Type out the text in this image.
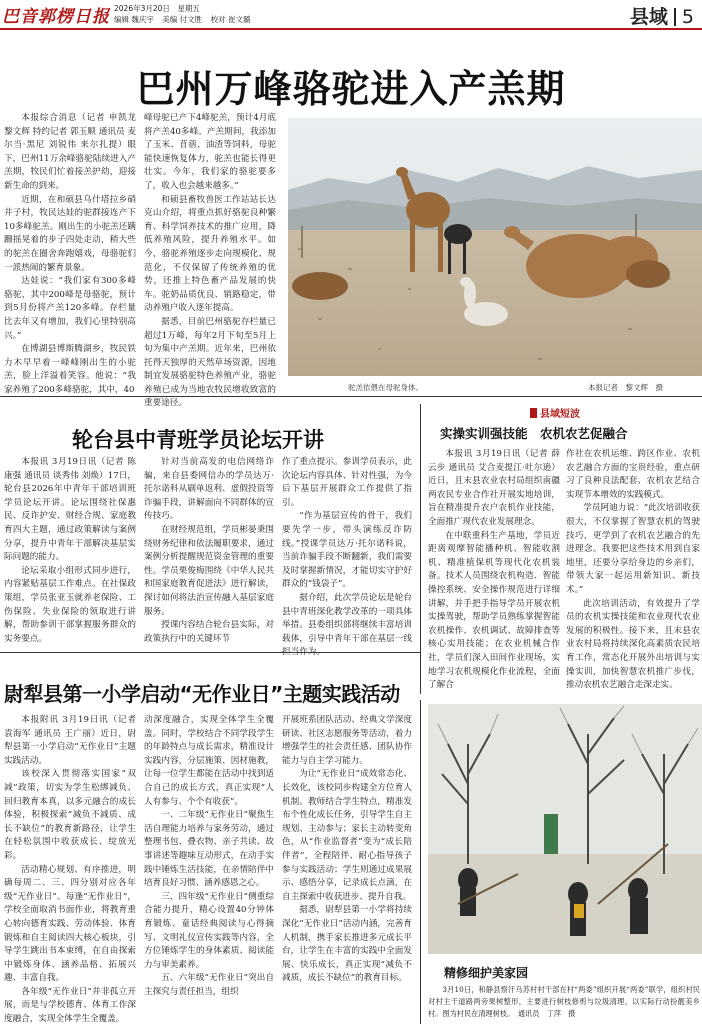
巴音郭楞日报 2026年3月20日　星期五
编辑 魏庆宇 美编 付文胜 校对 崔文璐	县域 5
巴州万峰骆驼进入产羔期

本报综合消息（记者 申凯龙 黎文辉 特约记者 郭玉顺 通讯员 麦尔当·黑尼 刘锐伟 来尔扎提）眼下，巴州11万余峰骆驼陆续进入产羔期，牧民们忙着接羔护幼，迎接新生命的到来。

近期，在和硕县乌什塔拉乡硝井子村，牧民达娃的驼群接连产下10多峰驼羔。刚出生的小驼羔还蹒跚摇晃着的步子四处走动，稍大些的驼羔在圈舍奔跑嬉戏，母骆驼们一派热闹的繁育景象。

达娃说：“我们家有300多峰骆驼，其中200峰是母骆驼，预计到5月份将产羔120多峰。存栏量比去年又有增加，我们心里特别高兴。”

在博湖县博斯腾湖乡，牧民铁力木早早着一峰峰刚出生的小驼羔，脸上洋溢着笑容。他说：“我家养殖了200多峰骆驼，其中，40

峰母驼已产下4峰驼羔，预计4月底将产羔40多峰。产羔期间，我添加了玉米、苜蓿、油渣等饲料，母驼能快速恢复体力，驼羔也能长得更壮实。今年，我们家的骆驼要多了，收入也会越来越多。”

和硕县畜牧兽医工作站站长达克山介绍，将重点抓好骆驼良种繁育、科学饲养技术的推广应用，降低养殖风险，提升养殖水平。如今，骆驼养殖逐步走向规模化、规范化，不仅保留了传统养殖的优势，还推上特色畜产品发展的快车。驼奶品质优良、销路稳定，带动养殖户收入逐年提高。

据悉，目前巴州骆驼存栏量已超过1万峰，每年2月下旬至5月上旬为集中产羔期。近年来，巴州依托得天独厚的天然草场资源，因地制宜发展骆驼特色养殖产业，骆驼养殖已成为当地农牧民增收致富的重要途径。

驼羔依偎在母驼身体。	本报记者　黎文辉　摄
轮台县中青班学员论坛开讲

本报讯 3月19日讯（记者 陈康强 通讯员 谈秀伟 刘焕）17日，轮台县2026年中青年干部培训班学员论坛开讲。论坛围绕社保惠民、反诈护安、财经合规、家庭教育四大主题，通过政策解读与案例分享，提升中青年干部解决基层实际问题的能力。

论坛采取小组形式同步进行，内容紧贴基层工作难点。在社保政策组，学员张亚玉就养老保险、工伤保险、失业保险的领取进行讲解，帮助参训干部掌握服务群众的实务要点。

针对当前高发的电信网络诈骗，来自县委网信办的学员达万·托尔诺科从刷单返利、虚假投资等诈骗手段，讲解面向不同群体的宣传技巧。

在财经规范组，学员彬晏秉围绕财务纪律和依法履职要求，通过案例分析提醒规范资金管理的重要性。学员栗俊梅围绕《中华人民共和国家庭教育促进法》进行解读，探讨如何将法治宣传融入基层家庭服务。

授课内容结合轮台县实际，对政策执行中的关键环节

作了重点提示。参训学员表示，此次论坛内容具体、针对性强，为今后下基层开展群众工作提供了指引。

“作为基层宣传的骨干，我们要先学一步，带头演练反诈防线。”授课学员达万·托尔诺科说，当前诈骗手段不断翻新，我们需要及时掌握新情况，才能切实守护好群众的“钱袋子”。

据介绍，此次学员论坛是轮台县中青班深化教学改革的一项具体举措。县委组织部将继续丰富培训载体，引导中青年干部在基层一线

县域短波
实操实训强技能　农机农艺促融合

本报讯 3月19日讯（记者 薛云步 通讯员 艾合麦提江·吐尔逊）近日，且末县农业农村局组织南疆两农民专业合作社开展实地培训，旨在精准提升农户农机作业技能，全面推广现代农业发展理念。

在中联重科生产基地，学员近距离观摩智能播种机、智能收割机、精准植保机等现代化农机装备。技术人员围绕农机构造、智能操控系统、安全操作规范进行详细讲解，并手把手指导学员开展农机实操驾驶，帮助学员熟练掌握智能农机操作、农机调试、故障排查等核心实用技能；在农业机械合作社，学员们深入田间作业现场，实地学习农机规模化作业流程，全面了解合

作社在农机运维、跨区作业、农机农艺融合方面的宝贵经验，重点研习了良种良法配套、农机农艺结合实现节本增效的实践模式。

学员阿迪力说：“此次培训收获很大，不仅掌握了智慧农机的驾驶技巧，更学到了农机农艺融合的先进理念。我要把这些技术用到自家地里，还要分享给身边的乡亲们，带领大家一起运用新知识、新技术。”

此次培训活动，有效提升了学员的农机实操技能和农业现代农业发展的积极性。接下来，且末县农业农村局将持续深化高素质农民培育工作，常态化开展外出培训与实操实训，加快智慧农机推广步伐，推动农机农艺融合走深走实。

尉犁县第一小学启动“无作业日”主题实践活动

本报附讯 3月19日讯（记者 袁海军 通讯员 王广丽）近日，尉犁县第一小学启动“无作业日”主题实践活动。

该校深入贯彻落实国家“双减”政策，切实为学生松绑减负、回归教育本真，以多元融合的成长体验，积极探索“减负不减质、成长不缺位”的教育新路径，让学生在轻松氛围中收获成长、绽放光彩。

活动精心规划、有序推进，明确每周二、三、四分别对应各年级“无作业日”。每逢“无作业日”，学校全面取消书面作业，将教育重心转向德育实践、劳动体验、体育锻炼和自主阅读四大核心板块，引导学生跳出书本束缚，在自由探索中锻炼身体、涵养品格、拓展兴趣、丰富自我。

各年级“无作业日”并非孤立开展，而是与学校德育、体育工作深度融合，实现全体学生全覆盖。

动深度融合，实现全体学生全覆盖。同时，学校结合不同学段学生的年龄特点与成长需求，精准设计实践内容，分层施策、因材施教，让每一位学生都能在活动中找到适合自己的成长方式，真正实现“人人有参与、个个有收获”。

一、二年级“无作业日”聚焦生活自理能力培养与家务劳动，通过整理书包、叠衣物、亲子共读、故事讲述等趣味互动形式，在动手实践中锤炼生活技能，在亲情陪伴中培育良好习惯、涵养感恩之心。

三、四年级“无作业日”侧重综合能力提升，精心设置40分钟体育锻炼、童话经典阅读与心得摘写、文明礼仪宣传实践等内容，全方位锤炼学生的身体素质、阅读能力与审美素养。

五、六年级“无作业日”突出自主探究与责任担当，组织

开展班系团队活动、经典文学深度研读、社区志愿服务等活动，着力增强学生的社会责任感、团队协作能力与自主学习能力。

为让“无作业日”成效常态化、长效化，该校同步构建全方位育人机制。教师结合学生特点，精准发布个性化成长任务，引导学生自主规划、主动参与；家长主动转变角色，从“作业监督者”变为“成长陪伴者”，全程陪伴、耐心指导孩子参与实践活动；学生则通过成果展示、感悟分享，记录成长点滴，在自主探索中收获进步、提升自我。

据悉，尉犁县第一小学将持续深化“无作业日”活动内涵，完善育人机制，携手家长推进多元成长平台，让学生在丰富的实践中全面发展、快乐成长，真正实现“减负不减质，成长不缺位”的教育目标。	精修细护美家园

3月10日，和静县察汗乌苏村村干部在村“两委”组织开展“两委”联学，组织村民对村主干道路两旁果树整形，主要进行树枝修剪与垃圾清理，以实际行动扮靓美乡村。图为村民在清理树枝。　通讯员　丁萍　摄
